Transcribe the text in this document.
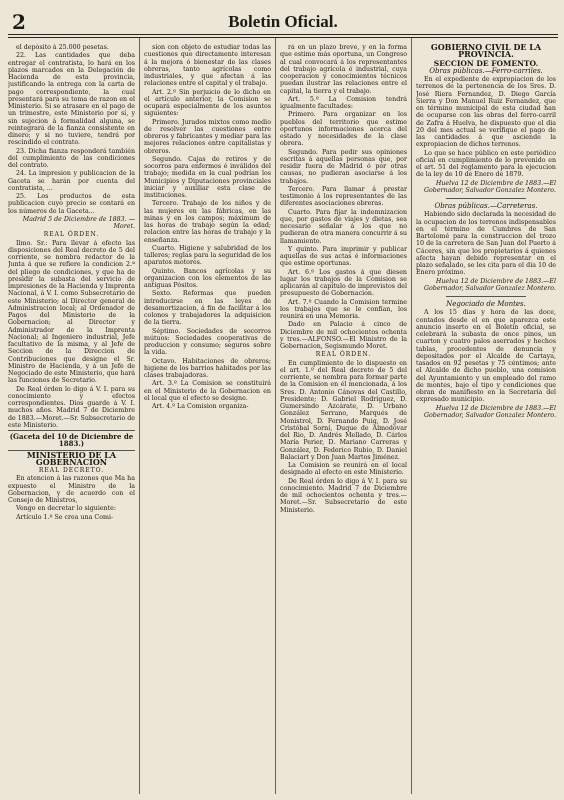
2	Boletin Oficial.

el depósito à 25.000 pesetas.

22. Las cantidades que deba entregar el contratista, lo hará en los plazos marcados en la Delegación de Hacienda de esta provincia, justificando la entrega con la carta de pago correspondiente, la cual presentará para su toma de razon en el Ministerio. Si se atrasare en el pago de un trimestre, este Ministerio por sí, y sin sujecion á formalidad alguna, se reintegrará de la fianza consistente en dinero; y si no tuviere, tendrá por rescindido el contrato.

23. Dicha fianza responderá también del cumplimiento de las condiciones del contrato.

24. La impresion y publicacion de la Gaceta se harán por cuenta del contratista, ...

25. Los productos de esta publicacion cuyo precio se contará en los números de la Gaceta...

Madrid 5 de Diciembre de 1883. —Moret.

REAL ÓRDEN.

Ilmo. Sr.: Para llevar á efecto las disposiciones del Real decreto de 5 del corriente, se nombra redactor de la Junta á que se refiere la condicion 2.ª del pliego de condiciones, y que ha de presidir la subasta del servicio de impresiones de la Hacienda y Imprenta Nacional, á V. I. como Subsecretario de este Ministerio; al Director general de Administracion local; al Ordenador de Pagos del Ministerio de la Gobernacion; al Director y Administrador de la Imprenta Nacional; al Ingeniero industrial, Jefe facultativo de la misma, y al Jefe de Seccion de la Direccion de Contribuciones que designe el Sr. Ministro de Hacienda, y á un Jefe de Negociado de este Ministerio, que hará las funciones de Secretario.

De Real órden lo digo á V. I. para su conocimiento y efectos correspondientes. Dios guarde á V. I. muchos años. Madrid 7 de Diciembre de 1883.—Moret.—Sr. Subsecretario de este Ministerio.

(Gaceta del 10 de Diciembre de 1883.)

MINISTERIO DE LA GOBERNACION

REAL DECRETO.

En atencion á las razones que Ma ha expuesto el Ministro de la Gobernacion, y de acuerdo con el Consejo de Ministros,

Vengo en decretar lo siguiente:

Artículo 1.º Se crea una Comi-

sion con objeto de estudiar todas las cuestiones que directamente interesan á la mejora ó bienestar de las clases obreras, tanto agrícolas como industriales, y que afectan á las relaciones entre el capital y el trabajo.

Art. 2.º Sin perjuicio de lo dicho en el artículo anterior, la Comision se ocupará especialmente de los asuntos siguientes:

Primero. Jurados mixtos como medio de resolver las cuestiones entre obreros y fabricantes y mediar para las mejores relaciones entre capitalistas y obreros.

Segundo. Cajas de retiros y de socorros para enfermos é inválidos del trabajo; medida en la cual podrían los Municipios y Diputaciones provinciales iniciar y auxiliar esta clase de instituciones.

Tercero. Trabajo de los niños y de las mujeres en las fábricas, en las minas y en los campos; máximum de las horas de trabajo según la edad; relacion entre las horas de trabajo y la enseñanza.

Cuarto. Higiene y salubridad de los talleres; reglas para la seguridad de los aparatos motores.

Quinto. Bancos agrícolas y su organizacion con los elementos de las antiguas Pósitos.

Sexto. Reformas que pueden introducirse en las leyes de desamortizacion, á fin de facilitar á los colonos y trabajadores la adquisicion de la tierra.

Séptimo. Sociedades de socorros mútuos: Sociedades cooperativas de produccion y consumo; seguros sobre la vida.

Octavo. Habitaciones de obreros; higiene de los barrios habitados por las clases trabajadoras.

Art. 3.º La Comision se constituirá en el Ministerio de la Gobernacion en el local que el efecto se designe.

Art. 4.º La Comision organiza-

rá en un plazo breve, y en la forma que estime más oportuna, un Congreso al cual convocará á los representantes del trabajo agrícola é industrial, cuya cooperacion y conocimientos técnicos puedan ilustrar las relaciones entre el capital, la tierra y el trabajo.

Art. 5.º La Comision tendrá igualmente facultades:

Primero. Para organizar en los pueblos del territorio que estime oportunos informaciones acerca del estado y necesidades de la clase obrera.

Segundo. Para pedir sus opiniones escritas á aquellas personas que, por residir fuera de Madrid ó por otras causas, no pudieran asociarse á los trabajos.

Tercero. Para llamar á prestar testimonio á los representantes de las diferentes asociaciones obreras.

Cuarto. Para fijar la indemnizacion que, por gastos de viajes y dietas, sea necesario señalar á los que no pudieran de otra manera concurrir á su llamamiento.

Y quinto. Para imprimir y publicar aquellas de sus actas é informaciones que estime oportunas.

Art. 6.º Los gastos á que diesen lugar los trabajos de la Comision se aplicarán al capítulo de imprevistos del presupuesto de Gobernacion.

Art. 7.º Cuando la Comision termine los trabajos que se le confían, los reunirá en una Memoria.

Dado en Palacio á cinco de Diciembre de mil ochocientos ochenta y tres.—ALFONSO.—El Ministro de la Gobernacion, Segismundo Moret.

REAL ÓRDEN.

En cumplimiento de lo dispuesto en el art. 1.º del Real decreto de 5 del corriente, se nombra para formar parte de la Comision en él mencionada, á los Sres. D. Antonio Cánovas del Castillo, Presidente; D. Gabriel Rodríguez, D. Gumersindo Azcárate, D. Urbano González Serrano, Marqués de Monistrol, D. Fernando Puig, D. José Cristóbal Sorní, Duque de Almodóvar del Rio, D. Andrés Mellado, D. Cárlos María Perier, D. Mariano Carreras y González, D. Federico Rubio, D. Daniel Balaciart y Don Juan Martos Jiménez.

La Comision se reunirá en el local designado al efecto en este Ministerio.

De Real órden lo digo á V. I. para su conocimiento. Madrid 7 de Diciembre de mil ochocientos ochenta y tres.—Moret.—Sr. Subsecretario de este Ministerio.

GOBIERNO CIVIL DE LA PROVINCIA.

SECCION DE FOMENTO.

Obras públicas.—Ferro-carriles.

En el expediente de expropiacion de los terrenos de la pertenencia de los Sres. D. José Riera Fernandez, D. Diego García Sierra y Don Manuel Ruiz Fernandez, que en término municipal de esta ciudad han de ocuparse con las obras del ferro-carril de Zafra á Huelva, he dispuesto que el dia 20 del mes actual se verifique el pago de las cantidades á que asciende la expropiacion de dichos terrenos.

Lo que se hace público en este periódico oficial en cumplimiento de lo prevenido en el art. 51 del reglamento para la ejecucion de la ley de 10 de Enero de 1879.

Huelva 12 de Diciembre de 1883.—El Gobernador, Salvador Gonzalez Montero.

Obras públicas.—Carreteras.

Habiendo sido declarada la necesidad de la ocupacion de los terrenos indispensables en el término de Cumbres de San Bartolomé para la construccion del trozo 10 de la carretera de San Juan del Puerto á Cáceres, sin que los propietarios á quienes afecta hayan debido representar en el plazo señalado, se les cita para el dia 10 de Enero próximo.

Huelva 12 de Diciembre de 1883.—El Gobernador, Salvador Gonzalez Montero.

Negociado de Montes.

A los 15 dias y hora de las doce, contados desde el en que aparezca este anuncio inserto en el Boletin oficial, se celebrará la subasta de once pinos, un cuarton y cuatro palos aserrados y hechos tablas, procedentes de denuncia y depositados por el Alcalde de Cartaya, tasados en 92 pesetas y 75 céntimos; ante el Alcalde de dicho pueblo, una comision del Ayuntamiento y un empleado del ramo de montes, bajo el tipo y condiciones que obran de manifiesto en la Secretaría del expresado municipio.

Huelva 12 de Diciembre de 1883.—El Gobernador, Salvador Gonzalez Montero.
